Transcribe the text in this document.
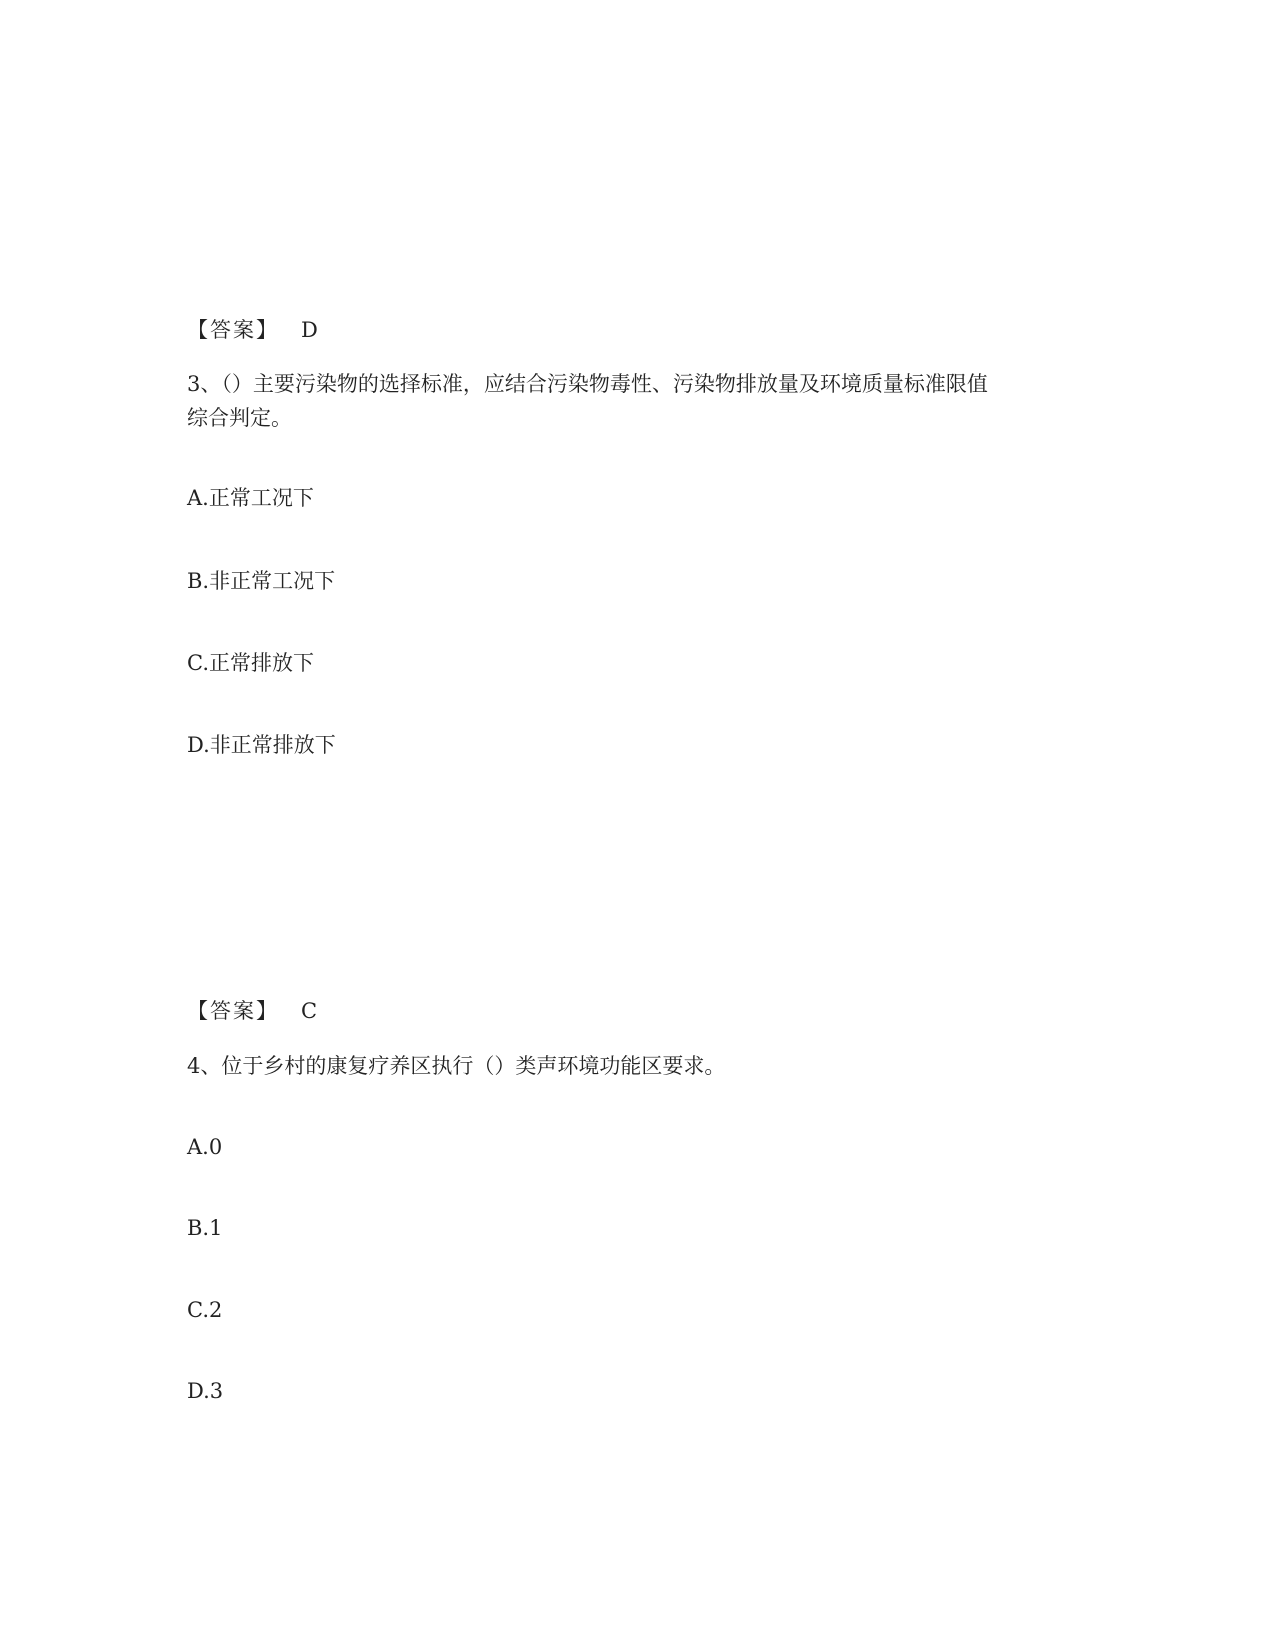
【答案】 D
3、（）主要污染物的选择标准，应结合污染物毒性、污染物排放量及环境质量标准限值
综合判定。
A.正常工况下
B.非正常工况下
C.正常排放下
D.非正常排放下
【答案】 C
4、位于乡村的康复疗养区执行（）类声环境功能区要求。
A.0
B.1
C.2
D.3
